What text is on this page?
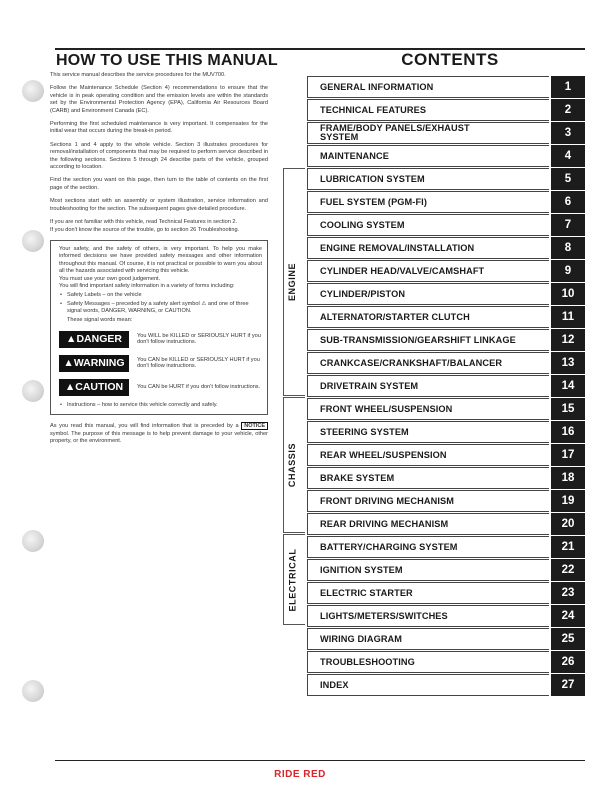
HOW TO USE THIS MANUAL	CONTENTS

This service manual describes the service procedures for the MUV700.

Follow the Maintenance Schedule (Section 4) recommendations to ensure that the vehicle is in peak operating condition and the emission levels are within the standards set by the Environmental Protection Agency (EPA), California Air Resources Board (CARB) and Environment Canada (EC).

Performing the first scheduled maintenance is very important. It compensates for the initial wear that occurs during the break-in period.

Sections 1 and 4 apply to the whole vehicle. Section 3 illustrates procedures for removal/installation of components that may be required to perform service described in the following sections. Sections 5 through 24 describe parts of the vehicle, grouped according to location.

Find the section you want on this page, then turn to the table of contents on the first page of the section.

Most sections start with an assembly or system illustration, service information and troubleshooting for the section. The subsequent pages give detailed procedure.

If you are not familiar with this vehicle, read Technical Features in section 2.
If you don't know the source of the trouble, go to section 26 Troubleshooting.

Your safety, and the safety of others, is very important. To help you make informed decisions we have provided safety messages and other information throughout this manual. Of course, it is not practical or possible to warn you about all the hazards associated with servicing this vehicle.
You must use your own good judgement.
You will find important safety information in a variety of forms including:

• Safety Labels – on the vehicle
• Safety Messages – preceded by a safety alert symbol ⚠ and one of three signal words, DANGER, WARNING, or CAUTION.

These signal words mean:

▲DANGER	You WILL be KILLED or SERIOUSLY HURT if you don't follow instructions.
▲WARNING	You CAN be KILLED or SERIOUSLY HURT if you don't follow instructions.
▲CAUTION	You CAN be HURT if you don't follow instructions.
• Instructions – how to service this vehicle correctly and safely.

As you read this manual, you will find information that is preceded by a NOTICE symbol. The purpose of this message is to help prevent damage to your vehicle, other property, or the environment.

ENGINE
CHASSIS
ELECTRICAL
GENERAL INFORMATION	1
TECHNICAL FEATURES	2
FRAME/BODY PANELS/EXHAUST SYSTEM	3
MAINTENANCE	4
LUBRICATION SYSTEM	5
FUEL SYSTEM (PGM-FI)	6
COOLING SYSTEM	7
ENGINE REMOVAL/INSTALLATION	8
CYLINDER HEAD/VALVE/CAMSHAFT	9
CYLINDER/PISTON	10
ALTERNATOR/STARTER CLUTCH	11
SUB-TRANSMISSION/GEARSHIFT LINKAGE	12
CRANKCASE/CRANKSHAFT/BALANCER	13
DRIVETRAIN SYSTEM	14
FRONT WHEEL/SUSPENSION	15
STEERING SYSTEM	16
REAR WHEEL/SUSPENSION	17
BRAKE SYSTEM	18
FRONT DRIVING MECHANISM	19
REAR DRIVING MECHANISM	20
BATTERY/CHARGING SYSTEM	21
IGNITION SYSTEM	22
ELECTRIC STARTER	23
LIGHTS/METERS/SWITCHES	24
WIRING DIAGRAM	25
TROUBLESHOOTING	26
INDEX	27
RIDE RED
